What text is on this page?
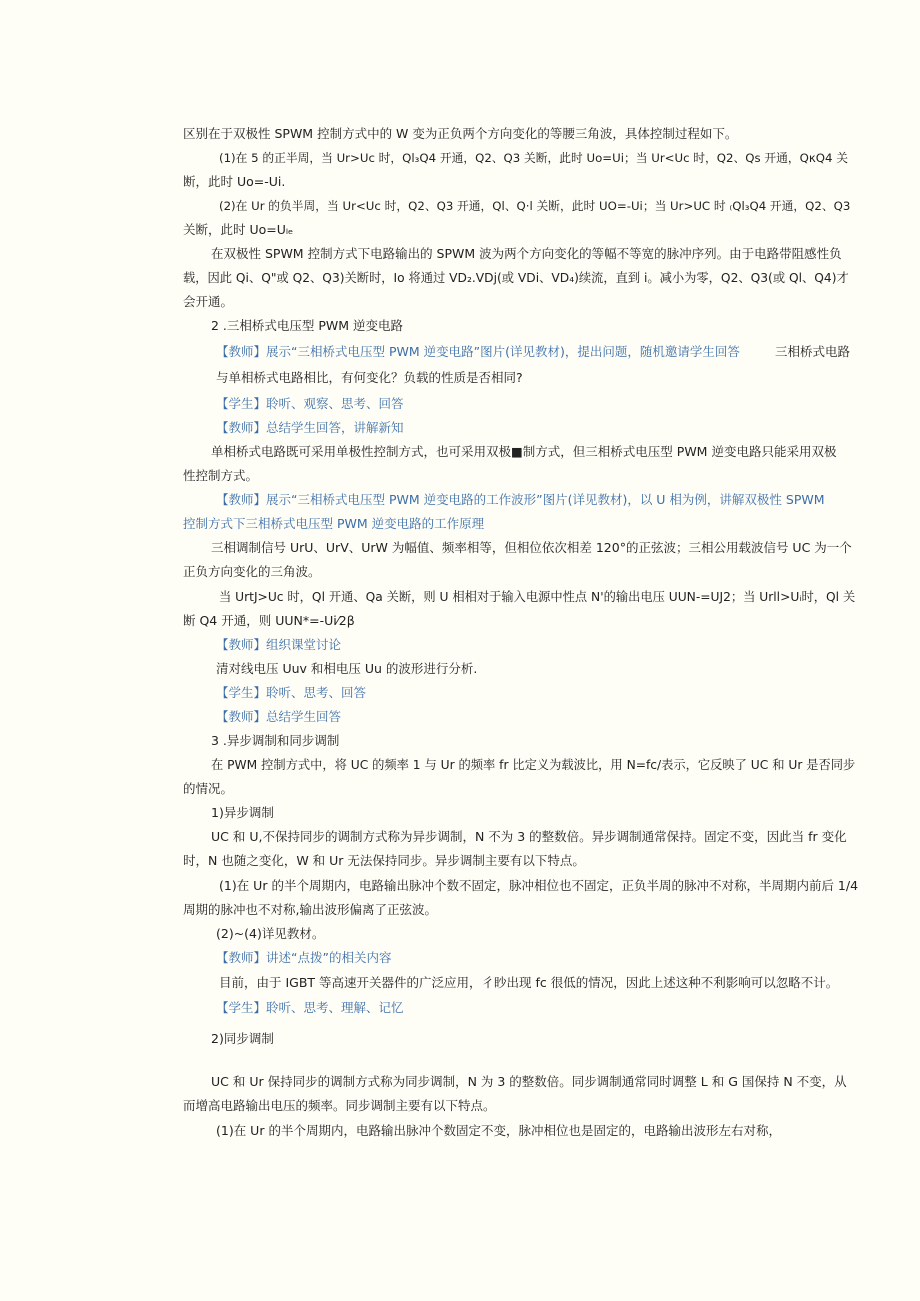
区别在于双极性 SPWM 控制方式中的 W 变为正负两个方向变化的等腰三角波，具体控制过程如下。
(1)在 5 的正半周，当 Ur>Uc 时，Ql₃Q4 开通，Q2、Q3 关断，此时 Uo=Ui；当 Ur<Uc 时，Q2、Qs 开通，QκQ4 关
断，此时 Uo=-Ui.
(2)在 Ur 的负半周，当 Ur<Uc 时，Q2、Q3 开通，Ql、Q·l 关断，此时 UO=-Ui；当 Ur>UC 时 ₍Ql₃Q4 开通，Q2、Q3
关断，此时 Uo=Uₗₑ
在双极性 SPWM 控制方式下电路输出的 SPWM 波为两个方向变化的等幅不等宽的脉冲序列。由于电路带阻感性负
载，因此 Qi、Q"或 Q2、Q3)关断时，Io 将通过 VD₂.VDj(或 VDi、VD₄)续流，直到 i。减小为零，Q2、Q3(或 Ql、Q4)才
会开通。
2 .三相桥式电压型 PWM 逆变电路
【教师】展示“三相桥式电压型 PWM 逆变电路”图片(详见教材)，提出问题，随机邀请学生回答	三相桥式电路
与单相桥式电路相比，有何变化？负载的性质是否相同?
【学生】聆听、观察、思考、回答
【教师】总结学生回答，讲解新知
单相桥式电路既可采用单极性控制方式，也可采用双极■制方式，但三相桥式电压型 PWM 逆变电路只能采用双极
性控制方式。
【教师】展示“三相桥式电压型 PWM 逆变电路的工作波形”图片(详见教材)，以 U 相为例，讲解双极性 SPWM
控制方式下三相桥式电压型 PWM 逆变电路的工作原理
三相调制信号 UrU、UrV、UrW 为幅值、频率相等，但相位依次相差 120°的正弦波；三相公用载波信号 UC 为一个
正负方向变化的三角波。
当 UrtJ>Uc 时，Ql 开通、Qa 关断，则 U 相相对于输入电源中性点 N'的输出电压 UUN-=UJ2；当 Urll>Uᵢ时，Ql 关
断 Q4 开通，则 UUN*=-Ui⁄2β
【教师】组织课堂讨论
清对线电压 Uuv 和相电压 Uu 的波形进行分析.
【学生】聆听、思考、回答
【教师】总结学生回答
3 .异步调制和同步调制
在 PWM 控制方式中，将 UC 的频率 1 与 Ur 的频率 fr 比定义为载波比，用 N=fc/表示，它反映了 UC 和 Ur 是否同步
的情况。
1)异步调制
UC 和 U,不保持同步的调制方式称为异步调制，N 不为 3 的整数倍。异步调制通常保持。固定不变，因此当 fr 变化
时，N 也随之变化，W 和 Ur 无法保持同步。异步调制主要有以下特点。
(1)在 Ur 的半个周期内，电路输出脉冲个数不固定，脉冲相位也不固定，正负半周的脉冲不对称，半周期内前后 1/4
周期的脉冲也不对称,输出波形偏离了正弦波。
(2)~(4)详见教材。
【教师】讲述“点拨”的相关内容
目前，由于 IGBT 等高速开关器件的广泛应用，彳眇出现 fc 很低的情况，因此上述这种不利影响可以忽略不计。
【学生】聆听、思考、理解、记忆
2)同步调制
UC 和 Ur 保持同步的调制方式称为同步调制，N 为 3 的整数倍。同步调制通常同时调整 L 和 G 国保持 N 不变，从
而增高电路输出电压的频率。同步调制主要有以下特点。
(1)在 Ur 的半个周期内，电路输出脉冲个数固定不变，脉冲相位也是固定的，电路输出波形左右对称，
